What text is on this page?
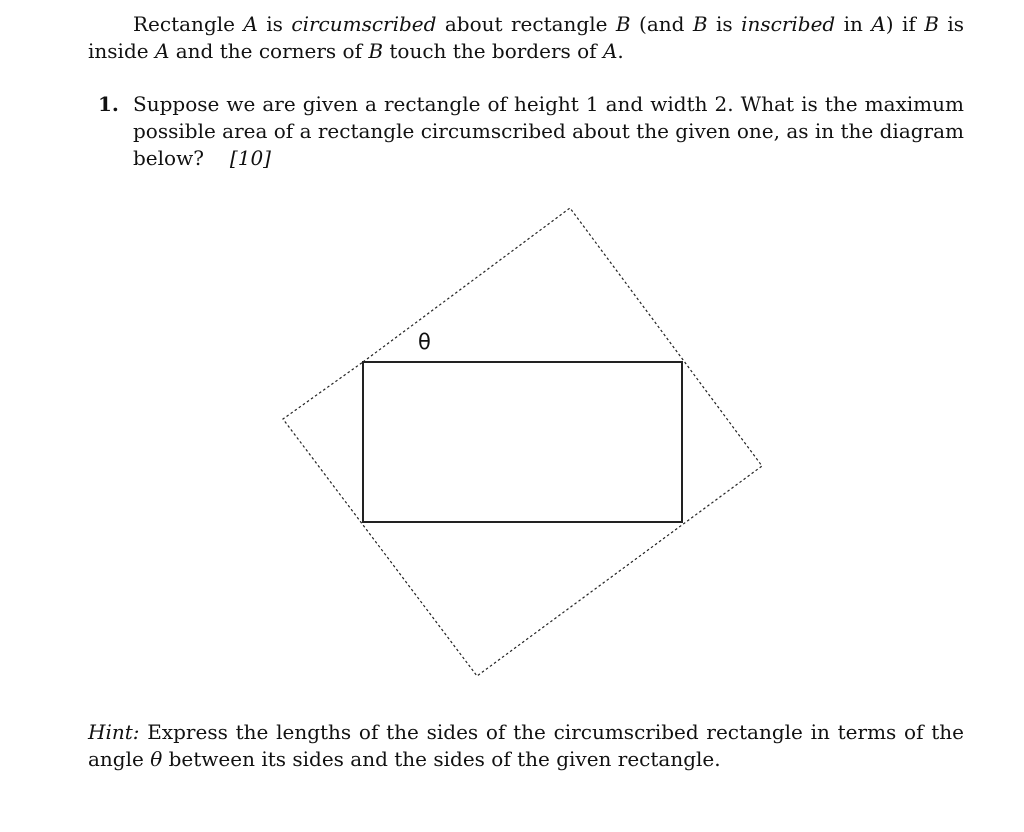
Rectangle A is circumscribed about rectangle B (and B is inscribed in A) if B is inside A and the corners of B touch the borders of A.
1. Suppose we are given a rectangle of height 1 and width 2. What is the maximum possible area of a rectangle circumscribed about the given one, as in the diagram below? [10]
θ
Hint: Express the lengths of the sides of the circumscribed rectangle in terms of the angle θ between its sides and the sides of the given rectangle.
